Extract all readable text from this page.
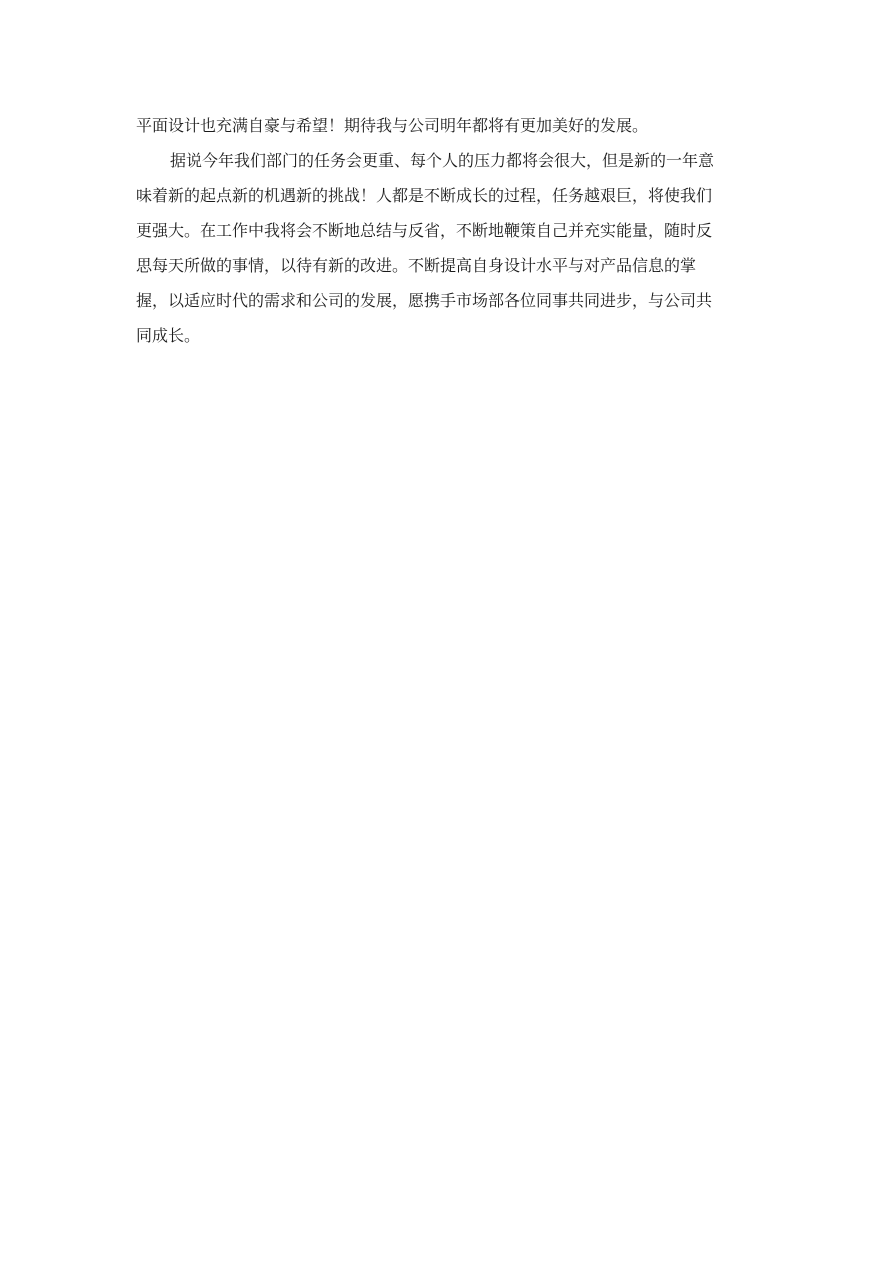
平面设计也充满自豪与希望！期待我与公司明年都将有更加美好的发展。
据说今年我们部门的任务会更重、每个人的压力都将会很大，但是新的一年意
味着新的起点新的机遇新的挑战！人都是不断成长的过程，任务越艰巨，将使我们
更强大。在工作中我将会不断地总结与反省，不断地鞭策自己并充实能量，随时反
思每天所做的事情，以待有新的改进。不断提高自身设计水平与对产品信息的掌
握，以适应时代的需求和公司的发展，愿携手市场部各位同事共同进步，与公司共
同成长。
